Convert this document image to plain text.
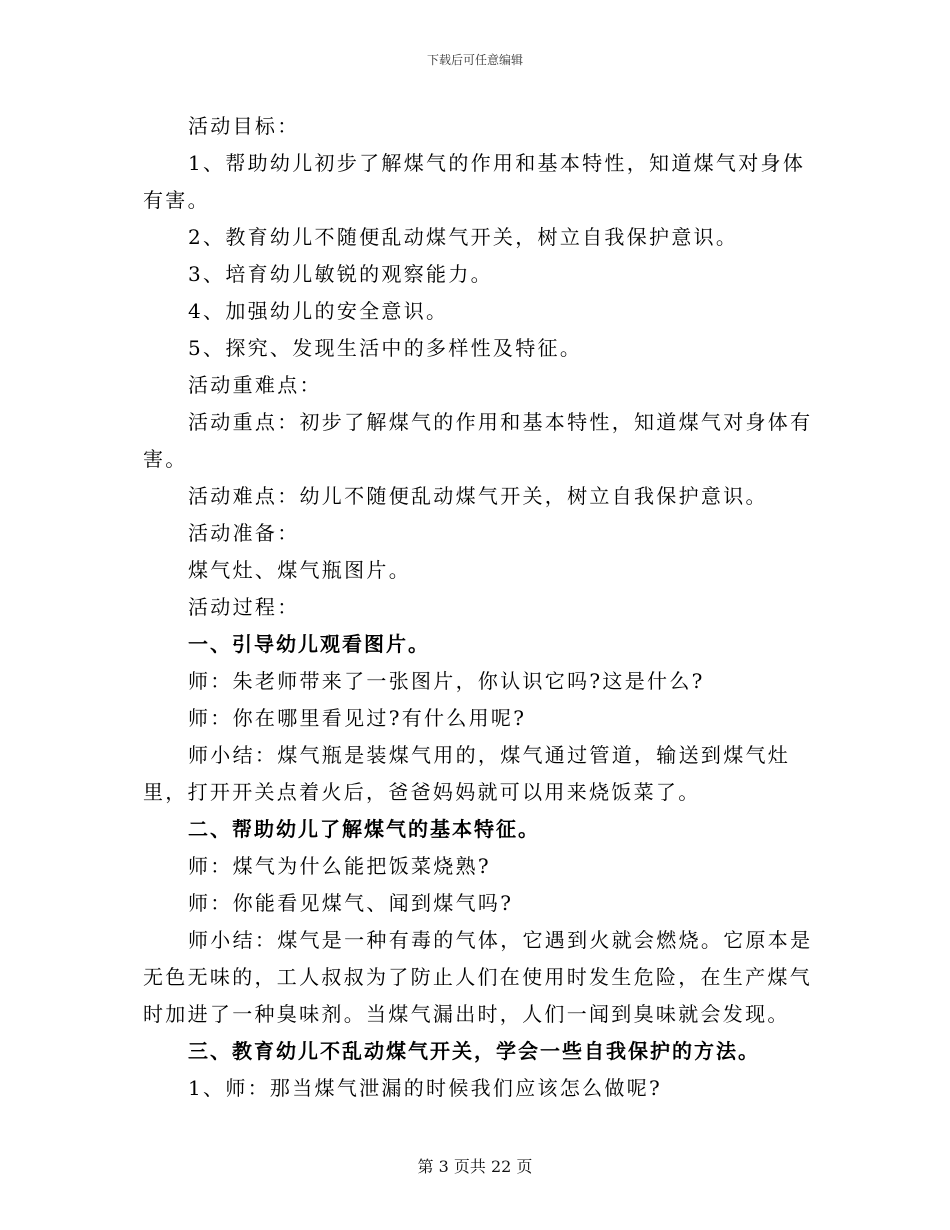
下载后可任意编辑

活动目标：

1、帮助幼儿初步了解煤气的作用和基本特性，知道煤气对身体有害。

2、教育幼儿不随便乱动煤气开关，树立自我保护意识。

3、培育幼儿敏锐的观察能力。

4、加强幼儿的安全意识。

5、探究、发现生活中的多样性及特征。

活动重难点：

活动重点：初步了解煤气的作用和基本特性，知道煤气对身体有害。

活动难点：幼儿不随便乱动煤气开关，树立自我保护意识。

活动准备：

煤气灶、煤气瓶图片。

活动过程：

一、引导幼儿观看图片。

师：朱老师带来了一张图片，你认识它吗?这是什么?

师：你在哪里看见过?有什么用呢?

师小结：煤气瓶是装煤气用的，煤气通过管道，输送到煤气灶里，打开开关点着火后，爸爸妈妈就可以用来烧饭菜了。

二、帮助幼儿了解煤气的基本特征。

师：煤气为什么能把饭菜烧熟?

师：你能看见煤气、闻到煤气吗?

师小结：煤气是一种有毒的气体，它遇到火就会燃烧。它原本是无色无味的，工人叔叔为了防止人们在使用时发生危险，在生产煤气时加进了一种臭味剂。当煤气漏出时，人们一闻到臭味就会发现。

三、教育幼儿不乱动煤气开关，学会一些自我保护的方法。

1、师：那当煤气泄漏的时候我们应该怎么做呢?

第 3 页共 22 页
